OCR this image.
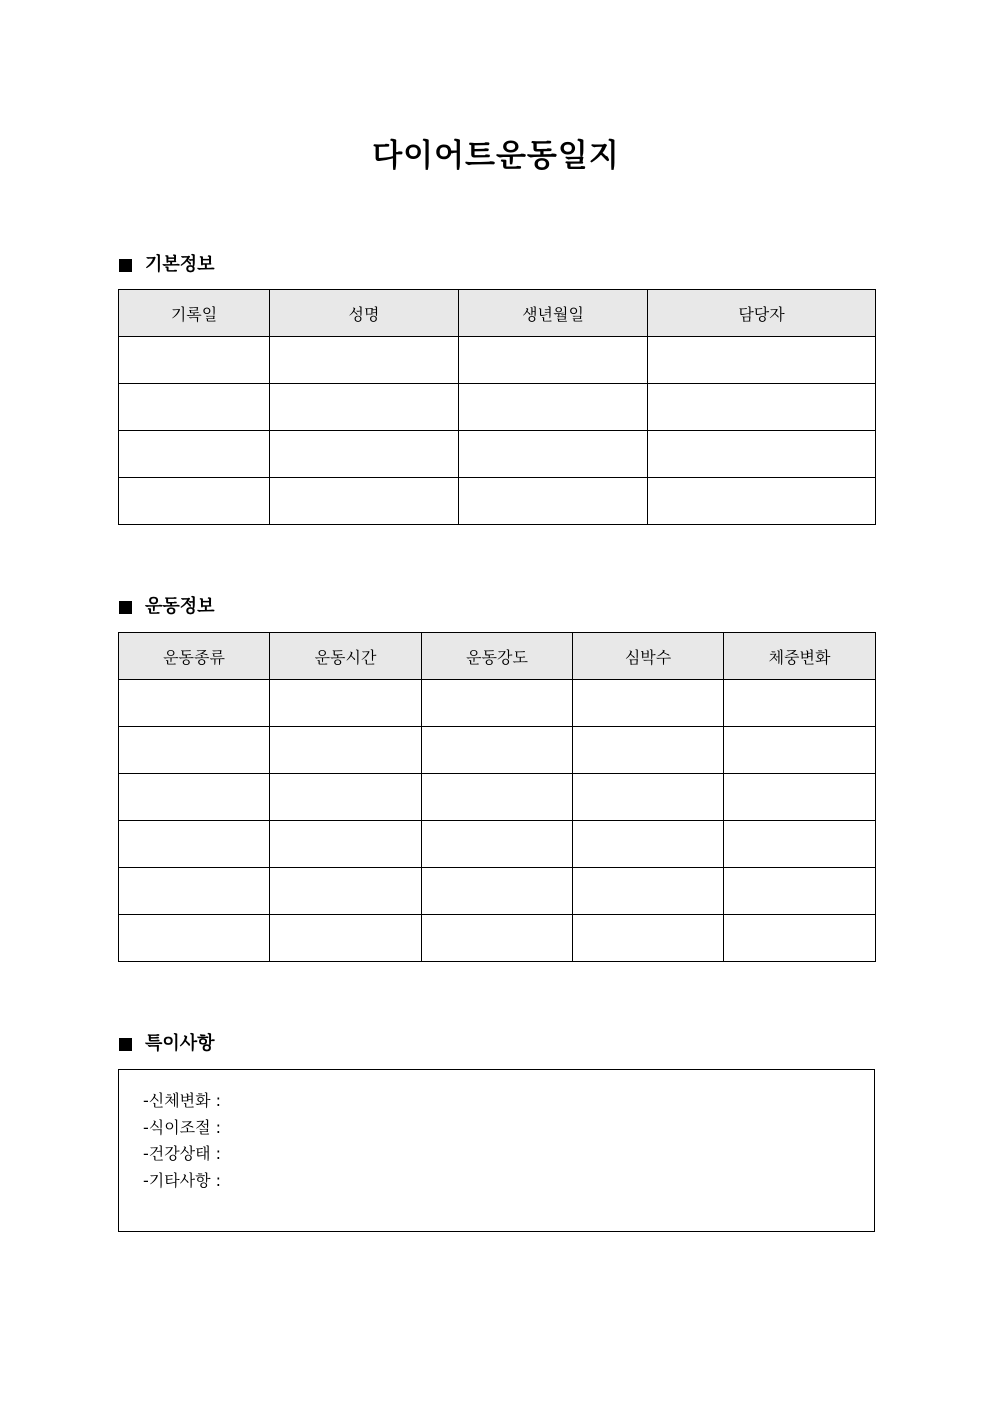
다이어트운동일지
기본정보
기록일	성명	생년월일	담당자

운동정보
운동종류	운동시간	운동강도	심박수	체중변화

특이사항
-신체변화 :
-식이조절 :
-건강상태 :
-기타사항 :
